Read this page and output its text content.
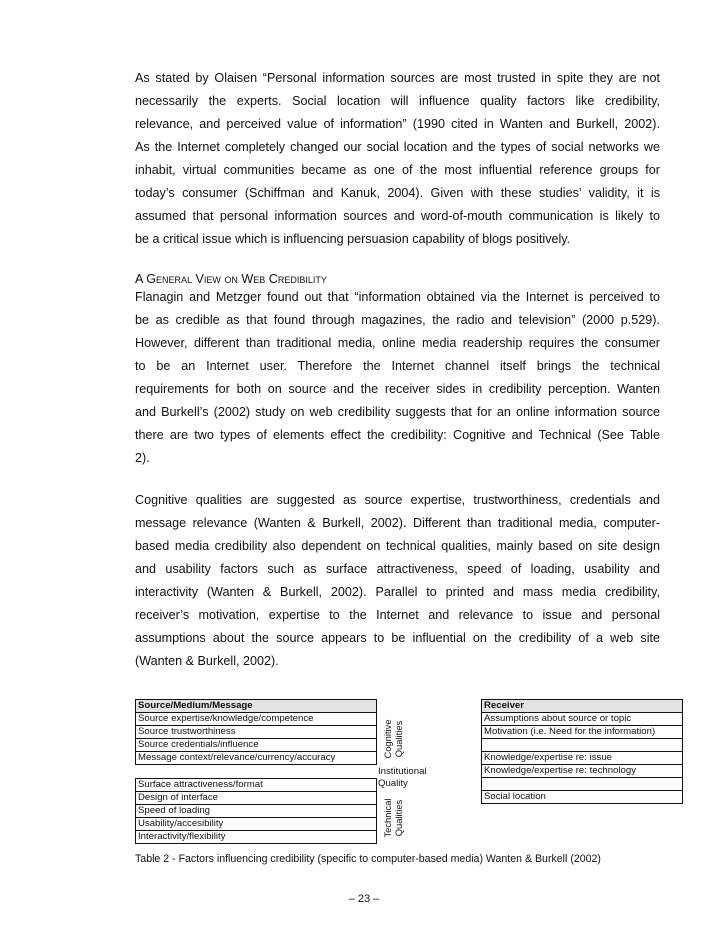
As stated by Olaisen “Personal information sources are most trusted in spite they are not
necessarily the experts. Social location will influence quality factors like credibility,
relevance, and perceived value of information” (1990 cited in Wanten and Burkell, 2002).
As the Internet completely changed our social location and the types of social networks we
inhabit, virtual communities became as one of the most influential reference groups for
today’s consumer (Schiffman and Kanuk, 2004). Given with these studies’ validity, it is
assumed that personal information sources and word-of-mouth communication is likely to
be a critical issue which is influencing persuasion capability of blogs positively.

A General View on Web Credibility

Flanagin and Metzger found out that “information obtained via the Internet is perceived to
be as credible as that found through magazines, the radio and television” (2000 p.529).
However, different than traditional media, online media readership requires the consumer
to be an Internet user. Therefore the Internet channel itself brings the technical
requirements for both on source and the receiver sides in credibility perception. Wanten
and Burkell’s (2002) study on web credibility suggests that for an online information source
there are two types of elements effect the credibility: Cognitive and Technical (See Table
2).
Cognitive qualities are suggested as source expertise, trustworthiness, credentials and
message relevance (Wanten & Burkell, 2002). Different than traditional media, computer-
based media credibility also dependent on technical qualities, mainly based on site design
and usability factors such as surface attractiveness, speed of loading, usability and
interactivity (Wanten & Burkell, 2002). Parallel to printed and mass media credibility,
receiver’s motivation, expertise to the Internet and relevance to issue and personal
assumptions about the source appears to be influential on the credibility of a web site
(Wanten & Burkell, 2002).
Source/Medium/Message
Source expertise/knowledge/competence
Source trustworthiness
Source credentials/influence
Message context/relevance/currency/accuracy
Surface attractiveness/format
Design of interface
Speed of loading
Usability/accesibility
Interactivity/flexibility
Receiver
Assumptions about source or topic
Motivation (i.e. Need for the information)
Knowledge/expertise re: issue
Knowledge/expertise re: technology
Social location
Cognitive Qualities
Institutional Quality
Technical Qualities

Table 2 - Factors influencing credibility (specific to computer-based media) Wanten & Burkell (2002)

– 23 –
